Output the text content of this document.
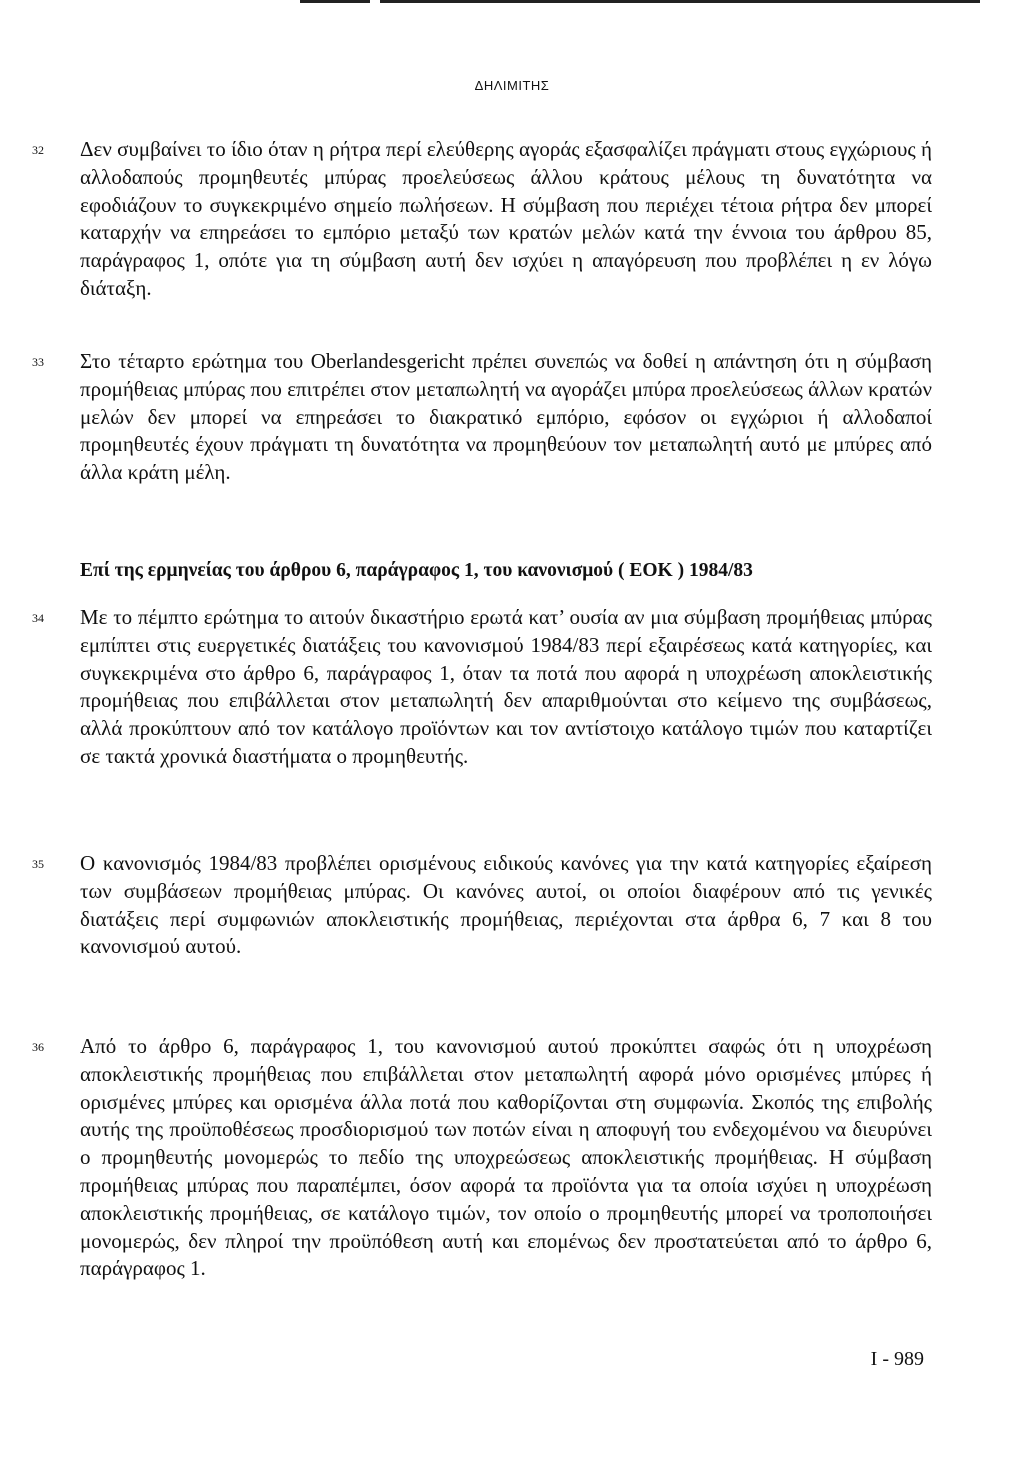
ΔΗΛΙΜΙΤΗΣ
32	Δεν συμβαίνει το ίδιο όταν η ρήτρα περί ελεύθερης αγοράς εξασφαλίζει πράγματι στους εγχώριους ή αλλοδαπούς προμηθευτές μπύρας προελεύσεως άλλου κράτους μέλους τη δυνατότητα να εφοδιάζουν το συγκεκριμένο σημείο πωλήσεων. Η σύμβαση που περιέχει τέτοια ρήτρα δεν μπορεί καταρχήν να επηρεάσει το εμπόριο μεταξύ των κρατών μελών κατά την έννοια του άρθρου 85, παράγραφος 1, οπότε για τη σύμβαση αυτή δεν ισχύει η απαγόρευση που προβλέπει η εν λόγω διάταξη.

33	Στο τέταρτο ερώτημα του Oberlandesgericht πρέπει συνεπώς να δοθεί η απάντηση ότι η σύμβαση προμήθειας μπύρας που επιτρέπει στον μεταπωλητή να αγοράζει μπύρα προελεύσεως άλλων κρατών μελών δεν μπορεί να επηρεάσει το διακρατικό εμπόριο, εφόσον οι εγχώριοι ή αλλοδαποί προμηθευτές έχουν πράγματι τη δυνατότητα να προμηθεύουν τον μεταπωλητή αυτό με μπύρες από άλλα κράτη μέλη.

Επί της ερμηνείας του άρθρου 6, παράγραφος 1, του κανονισμού ( ΕΟΚ ) 1984/83
34	Με το πέμπτο ερώτημα το αιτούν δικαστήριο ερωτά κατ’ ουσία αν μια σύμβαση προμήθειας μπύρας εμπίπτει στις ευεργετικές διατάξεις του κανονισμού 1984/83 περί εξαιρέσεως κατά κατηγορίες, και συγκεκριμένα στο άρθρο 6, παράγραφος 1, όταν τα ποτά που αφορά η υποχρέωση αποκλειστικής προμήθειας που επιβάλλεται στον μεταπωλητή δεν απαριθμούνται στο κείμενο της συμβάσεως, αλλά προκύπτουν από τον κατάλογο προϊόντων και τον αντίστοιχο κατάλογο τιμών που καταρτίζει σε τακτά χρονικά διαστήματα ο προμηθευτής.

35	Ο κανονισμός 1984/83 προβλέπει ορισμένους ειδικούς κανόνες για την κατά κατηγορίες εξαίρεση των συμβάσεων προμήθειας μπύρας. Οι κανόνες αυτοί, οι οποίοι διαφέρουν από τις γενικές διατάξεις περί συμφωνιών αποκλειστικής προμήθειας, περιέχονται στα άρθρα 6, 7 και 8 του κανονισμού αυτού.

36	Από το άρθρο 6, παράγραφος 1, του κανονισμού αυτού προκύπτει σαφώς ότι η υποχρέωση αποκλειστικής προμήθειας που επιβάλλεται στον μεταπωλητή αφορά μόνο ορισμένες μπύρες ή ορισμένες μπύρες και ορισμένα άλλα ποτά που καθορίζονται στη συμφωνία. Σκοπός της επιβολής αυτής της προϋποθέσεως προσδιορισμού των ποτών είναι η αποφυγή του ενδεχομένου να διευρύνει ο προμηθευτής μονομερώς το πεδίο της υποχρεώσεως αποκλειστικής προμήθειας. Η σύμβαση προμήθειας μπύρας που παραπέμπει, όσον αφορά τα προϊόντα για τα οποία ισχύει η υποχρέωση αποκλειστικής προμήθειας, σε κατάλογο τιμών, τον οποίο ο προμηθευτής μπορεί να τροποποιήσει μονομερώς, δεν πληροί την προϋπόθεση αυτή και επομένως δεν προστατεύεται από το άρθρο 6, παράγραφος 1.

I - 989
